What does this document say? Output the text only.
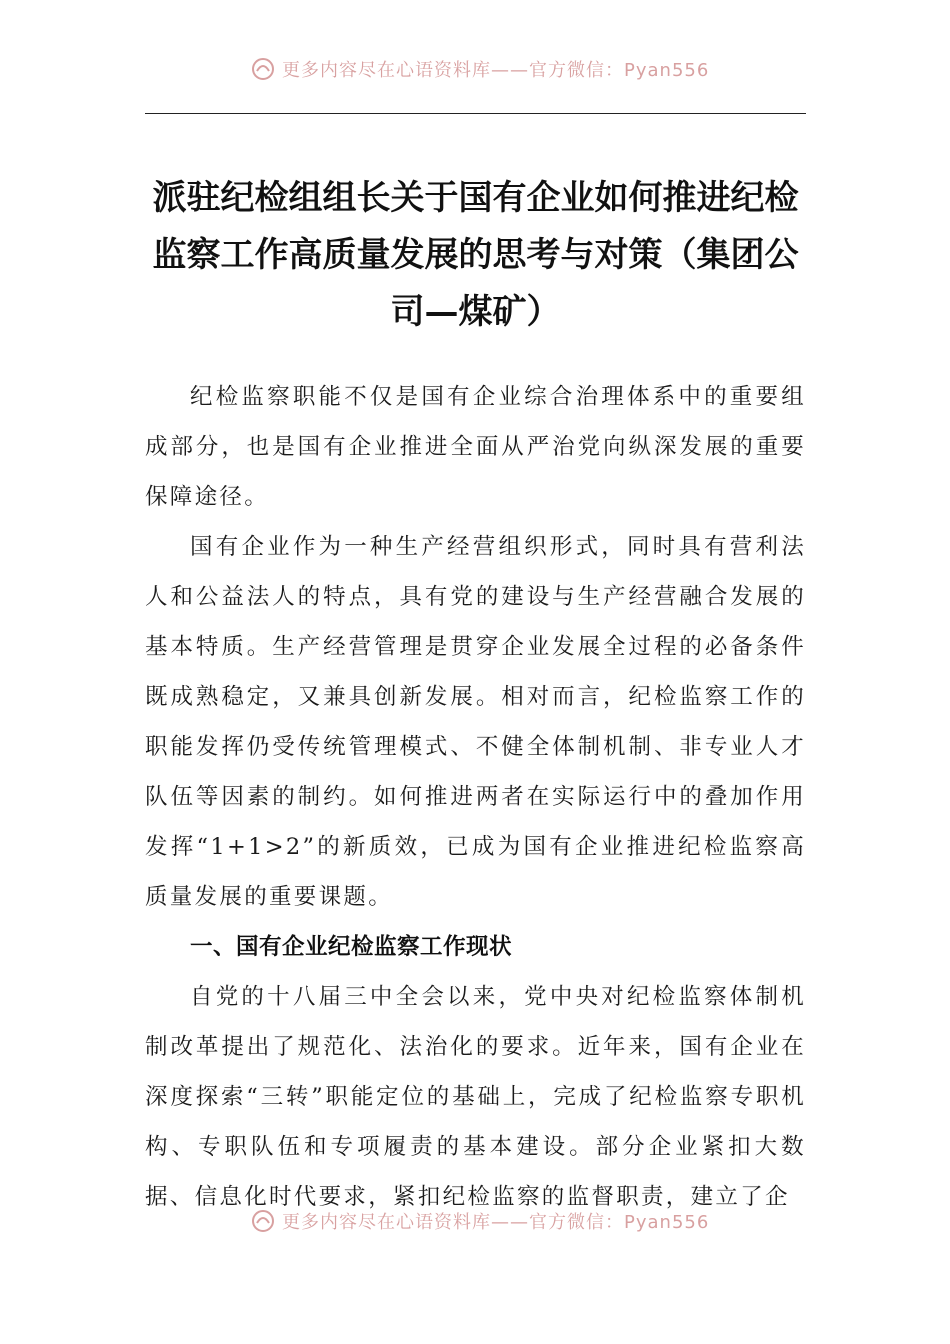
更多内容尽在心语资料库——官方微信：Pyan556
派驻纪检组组长关于国有企业如何推进纪检监察工作高质量发展的思考与对策（集团公司—煤矿）

纪检监察职能不仅是国有企业综合治理体系中的重要组成部分，也是国有企业推进全面从严治党向纵深发展的重要保障途径。

国有企业作为一种生产经营组织形式，同时具有营利法人和公益法人的特点，具有党的建设与生产经营融合发展的基本特质。生产经营管理是贯穿企业发展全过程的必备条件既成熟稳定，又兼具创新发展。相对而言，纪检监察工作的职能发挥仍受传统管理模式、不健全体制机制、非专业人才队伍等因素的制约。如何推进两者在实际运行中的叠加作用发挥“1+1>2”的新质效，已成为国有企业推进纪检监察高质量发展的重要课题。

一、国有企业纪检监察工作现状

自党的十八届三中全会以来，党中央对纪检监察体制机制改革提出了规范化、法治化的要求。近年来，国有企业在深度探索“三转”职能定位的基础上，完成了纪检监察专职机构、专职队伍和专项履责的基本建设。部分企业紧扣大数据、信息化时代要求，紧扣纪检监察的监督职责，建立了企

更多内容尽在心语资料库——官方微信：Pyan556
